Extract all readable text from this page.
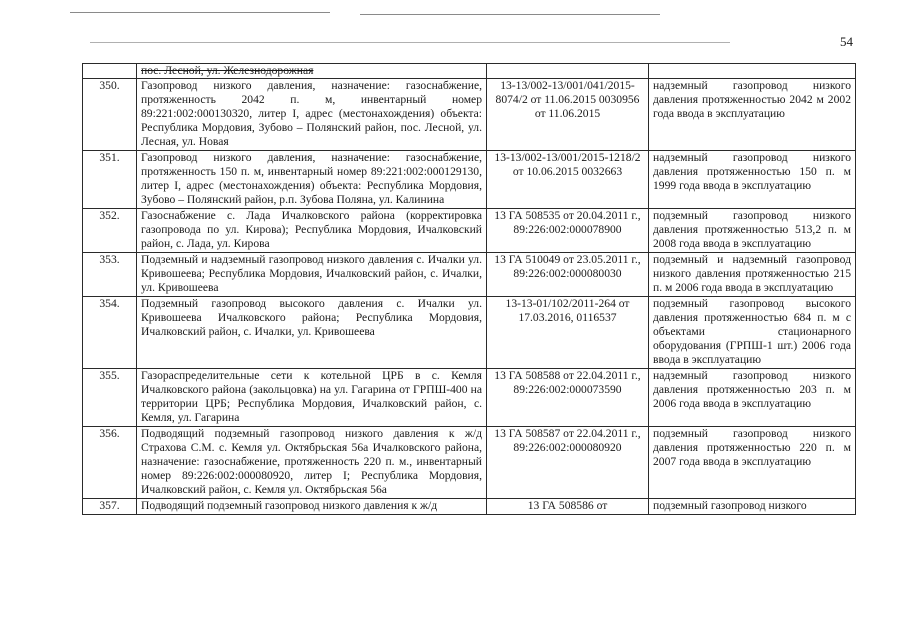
54
	пос. Лесной, ул. Железнодорожная		
350.	Газопровод низкого давления, назначение: газоснабжение, протяженность 2042 п. м, инвентарный номер 89:221:002:000130320, литер I, адрес (местонахождения) объекта: Республика Мордовия, Зубово – Полянский район, пос. Лесной, ул. Лесная, ул. Новая	13-13/002-13/001/041/2015-8074/2 от 11.06.2015 0030956 от 11.06.2015	надземный газопровод низкого давления протяженностью 2042 м 2002 года ввода в эксплуатацию
351.	Газопровод низкого давления, назначение: газоснабжение, протяженность 150 п. м, инвентарный номер 89:221:002:000129130, литер I, адрес (местонахождения) объекта: Республика Мордовия, Зубово – Полянский район, р.п. Зубова Поляна, ул. Калинина	13-13/002-13/001/2015-1218/2 от 10.06.2015 0032663	надземный газопровод низкого давления протяженностью 150 п. м 1999 года ввода в эксплуатацию
352.	Газоснабжение с. Лада Ичалковского района (корректировка газопровода по ул. Кирова); Республика Мордовия, Ичалковский район, с. Лада, ул. Кирова	13 ГА 508535 от 20.04.2011 г., 89:226:002:000078900	подземный газопровод низкого давления протяженностью 513,2 п. м 2008 года ввода в эксплуатацию
353.	Подземный и надземный газопровод низкого давления с. Ичалки ул. Кривошеева; Республика Мордовия, Ичалковский район, с. Ичалки, ул. Кривошеева	13 ГА 510049 от 23.05.2011 г., 89:226:002:000080030	подземный и надземный газопровод низкого давления протяженностью 215 п. м 2006 года ввода в эксплуатацию
354.	Подземный газопровод высокого давления с. Ичалки ул. Кривошеева Ичалковского района; Республика Мордовия, Ичалковский район, с. Ичалки, ул. Кривошеева	13-13-01/102/2011-264 от 17.03.2016, 0116537	подземный газопровод высокого давления протяженностью 684 п. м с объектами стационарного оборудования (ГРПШ-1 шт.) 2006 года ввода в эксплуатацию
355.	Газораспределительные сети к котельной ЦРБ в с. Кемля Ичалковского района (закольцовка) на ул. Гагарина от ГРПШ-400 на территории ЦРБ; Республика Мордовия, Ичалковский район, с. Кемля, ул. Гагарина	13 ГА 508588 от 22.04.2011 г., 89:226:002:000073590	надземный газопровод низкого давления протяженностью 203 п. м 2006 года ввода в эксплуатацию
356.	Подводящий подземный газопровод низкого давления к ж/д Страхова С.М. с. Кемля ул. Октябрьская 56а Ичалковского района, назначение: газоснабжение, протяженность 220 п. м., инвентарный номер 89:226:002:000080920, литер I; Республика Мордовия, Ичалковский район, с. Кемля ул. Октябрьская 56а	13 ГА 508587 от 22.04.2011 г., 89:226:002:000080920	подземный газопровод низкого давления протяженностью 220 п. м 2007 года ввода в эксплуатацию
357.	Подводящий подземный газопровод низкого давления к ж/д	13 ГА 508586 от	подземный газопровод низкого
